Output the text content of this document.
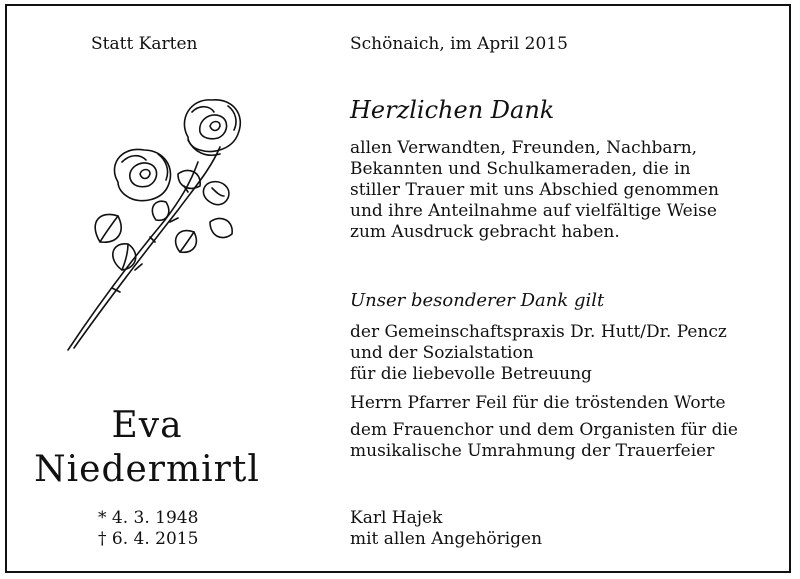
Statt Karten	Schönaich, im April 2015
Herzlichen Dank
allen Verwandten, Freunden, Nachbarn,
Bekannten und Schulkameraden, die in
stiller Trauer mit uns Abschied genommen
und ihre Anteilnahme auf vielfältige Weise
zum Ausdruck gebracht haben.
Unser besonderer Dank gilt
der Gemeinschaftspraxis Dr. Hutt/Dr. Pencz
und der Sozialstation
für die liebevolle Betreuung
Herrn Pfarrer Feil für die tröstenden Worte
dem Frauenchor und dem Organisten für die
musikalische Umrahmung der Trauerfeier
Eva
Niedermirtl
* 4. 3. 1948
† 6. 4. 2015
Karl Hajek
mit allen Angehörigen
